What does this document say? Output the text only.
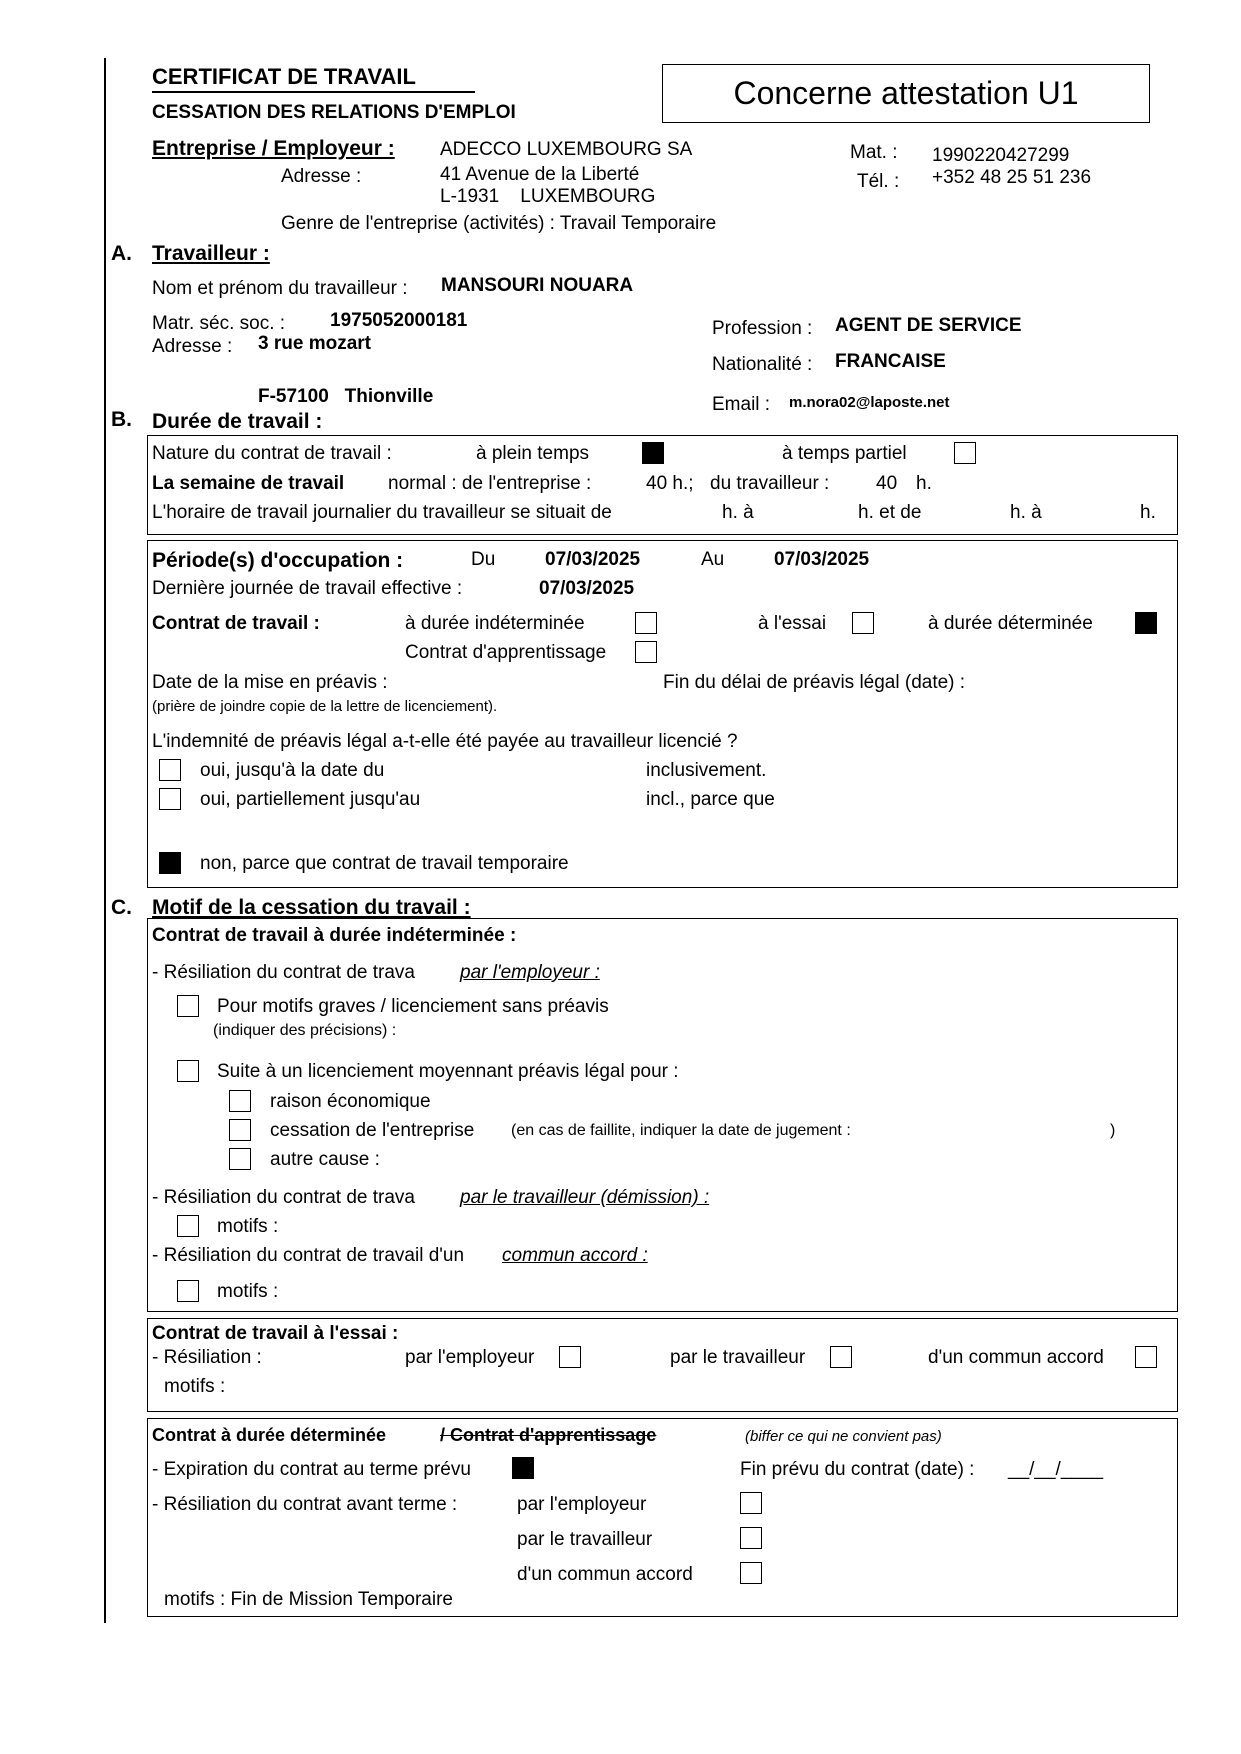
CERTIFICAT DE TRAVAIL
CESSATION DES RELATIONS D'EMPLOI
Concerne attestation U1
Entreprise / Employeur : ADECCO LUXEMBOURG SA
Adresse :	41 Avenue de la Liberté
L-1931    LUXEMBOURG
Mat. : 1990220427299
Tél. : +352 48 25 51 236
Genre de l'entreprise (activités) : Travail Temporaire
A. Travailleur :
Nom et prénom du travailleur : MANSOURI NOUARA
Matr. séc. soc. : 1975052000181
Adresse : 3 rue mozart
F-57100   Thionville
Profession : AGENT DE SERVICE
Nationalité : FRANCAISE
Email : m.nora02@laposte.net
B. Durée de travail :
Nature du contrat de travail :	à plein temps	à temps partiel
La semaine de travail normal : de l'entreprise :	40 h.; du travailleur : 40 h.
L'horaire de travail journalier du travailleur se situait de	h. à	h. et de	h. à	h.
Période(s) d'occupation :	Du	07/03/2025	Au	07/03/2025
Dernière journée de travail effective :	07/03/2025
Contrat de travail :	à durée indéterminée	à l'essai	à durée déterminée
Contrat d'apprentissage
Date de la mise en préavis :	Fin du délai de préavis légal (date) :
(prière de joindre copie de la lettre de licenciement).
L'indemnité de préavis légal a-t-elle été payée au travailleur licencié ?
oui, jusqu'à la date du	inclusivement.
oui, partiellement jusqu'au	incl., parce que
non, parce que contrat de travail temporaire
C. Motif de la cessation du travail :
Contrat de travail à durée indéterminée :
- Résiliation du contrat de trava par l'employeur :
Pour motifs graves / licenciement sans préavis
(indiquer des précisions) :
Suite à un licenciement moyennant préavis légal pour :
raison économique
cessation de l'entreprise (en cas de faillite, indiquer la date de jugement :	)
autre cause :
- Résiliation du contrat de trava par le travailleur (démission) :
motifs :
- Résiliation du contrat de travail d'un commun accord :
motifs :
Contrat de travail à l'essai :
- Résiliation :	par l'employeur	par le travailleur	d'un commun accord
motifs :
Contrat à durée déterminée	/ Contrat d'apprentissage	(biffer ce qui ne convient pas)
- Expiration du contrat au terme prévu	Fin prévu du contrat (date) : __/__/____
- Résiliation du contrat avant terme :	par l'employeur
par le travailleur
d'un commun accord
motifs : Fin de Mission Temporaire
